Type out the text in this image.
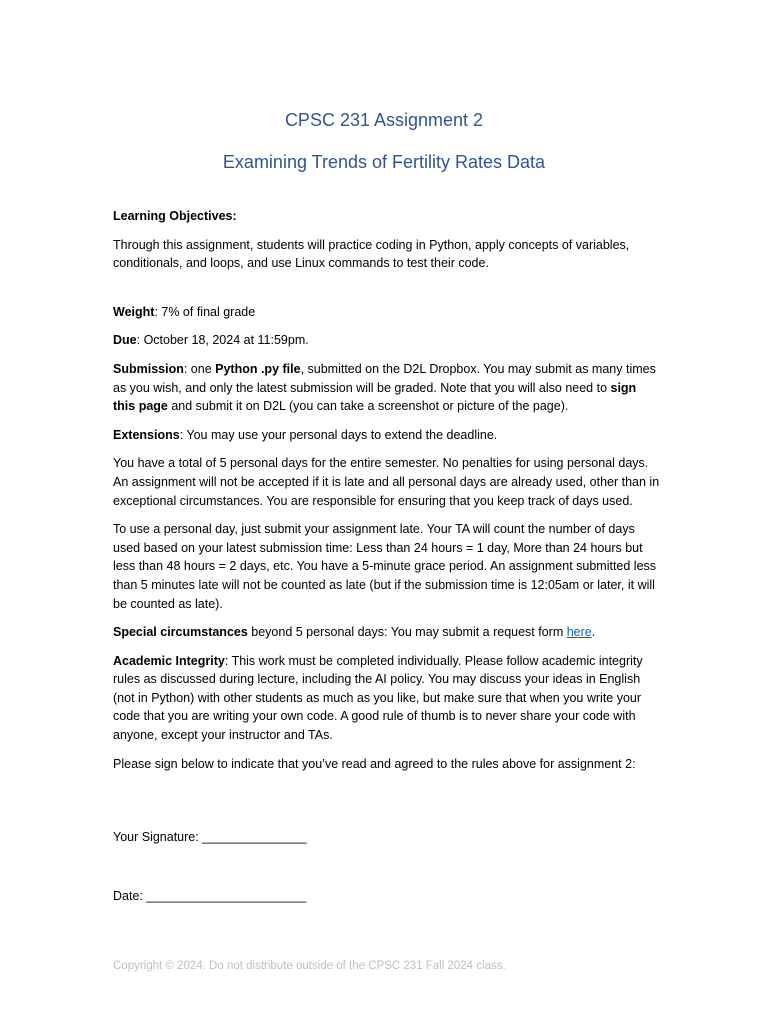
CPSC 231 Assignment 2
Examining Trends of Fertility Rates Data

Learning Objectives:

Through this assignment, students will practice coding in Python, apply concepts of variables, conditionals, and loops, and use Linux commands to test their code.

Weight: 7% of final grade

Due: October 18, 2024 at 11:59pm.

Submission: one Python .py file, submitted on the D2L Dropbox. You may submit as many times as you wish, and only the latest submission will be graded. Note that you will also need to sign this page and submit it on D2L (you can take a screenshot or picture of the page).

Extensions: You may use your personal days to extend the deadline.

You have a total of 5 personal days for the entire semester. No penalties for using personal days. An assignment will not be accepted if it is late and all personal days are already used, other than in exceptional circumstances. You are responsible for ensuring that you keep track of days used.

To use a personal day, just submit your assignment late. Your TA will count the number of days used based on your latest submission time: Less than 24 hours = 1 day, More than 24 hours but less than 48 hours = 2 days, etc. You have a 5-minute grace period. An assignment submitted less than 5 minutes late will not be counted as late (but if the submission time is 12:05am or later, it will be counted as late).

Special circumstances beyond 5 personal days: You may submit a request form here.

Academic Integrity: This work must be completed individually. Please follow academic integrity rules as discussed during lecture, including the AI policy. You may discuss your ideas in English (not in Python) with other students as much as you like, but make sure that when you write your code that you are writing your own code. A good rule of thumb is to never share your code with anyone, except your instructor and TAs.

Please sign below to indicate that you’ve read and agreed to the rules above for assignment 2:

Your Signature: _______________

Date: _______________________

Copyright © 2024. Do not distribute outside of the CPSC 231 Fall 2024 class.
